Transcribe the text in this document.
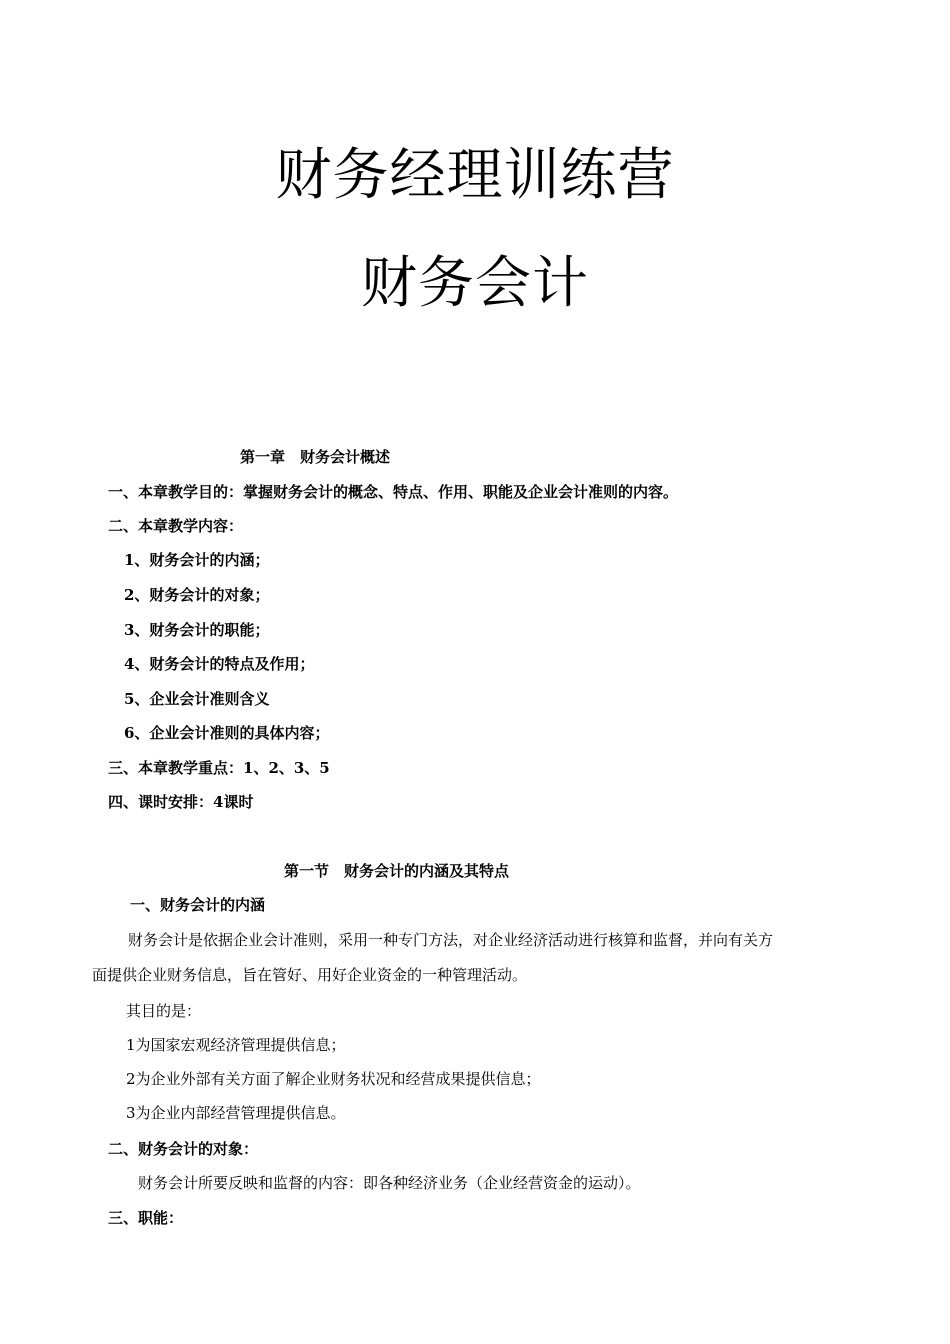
财务经理训练营
财务会计
第一章　财务会计概述
一、本章教学目的：掌握财务会计的概念、特点、作用、职能及企业会计准则的内容。
二、本章教学内容：
1、财务会计的内涵；
2、财务会计的对象；
3、财务会计的职能；
4、财务会计的特点及作用；
5、企业会计准则含义
6、企业会计准则的具体内容；
三、本章教学重点：1、2、3、5
四、课时安排：4课时
第一节　财务会计的内涵及其特点
一、财务会计的内涵
财务会计是依据企业会计准则，采用一种专门方法，对企业经济活动进行核算和监督，并向有关方
面提供企业财务信息，旨在管好、用好企业资金的一种管理活动。
其目的是：
1为国家宏观经济管理提供信息；
2为企业外部有关方面了解企业财务状况和经营成果提供信息；
3为企业内部经营管理提供信息。
二、财务会计的对象：
财务会计所要反映和监督的内容：即各种经济业务（企业经营资金的运动）。
三、职能：
